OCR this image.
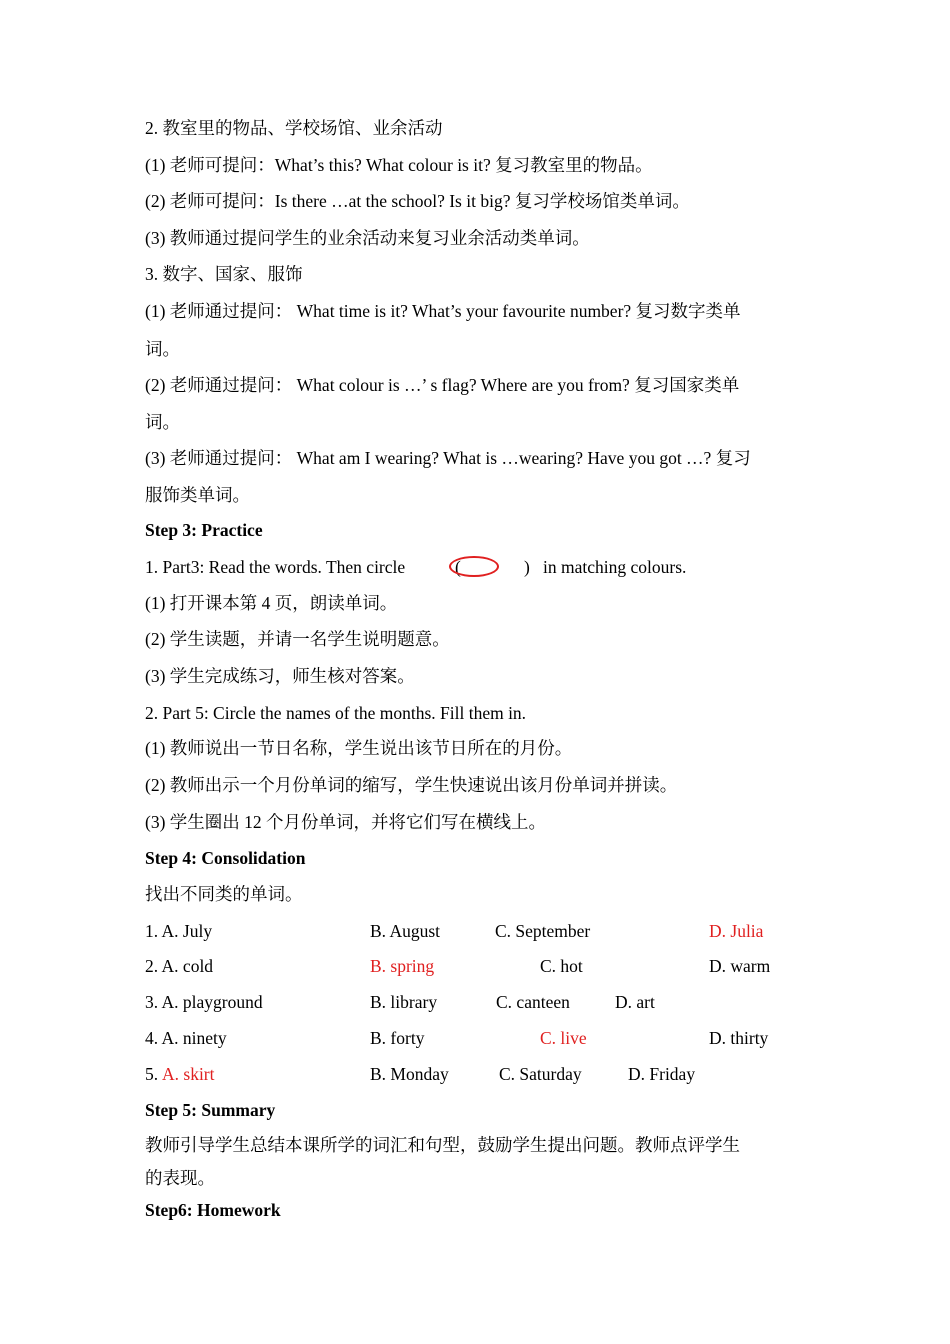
2. 教室里的物品、学校场馆、业余活动
(1) 老师可提问：What’s this? What colour is it? 复习教室里的物品。
(2) 老师可提问：Is there …at the school? Is it big? 复习学校场馆类单词。
(3) 教师通过提问学生的业余活动来复习业余活动类单词。
3. 数字、国家、服饰
(1) 老师通过提问： What time is it? What’s your favourite number? 复习数字类单
词。
(2) 老师通过提问： What colour is …’ s flag? Where are you from? 复习国家类单
词。
(3) 老师通过提问： What am I wearing? What is …wearing? Have you got …? 复习
服饰类单词。
Step 3: Practice
1. Part3: Read the words. Then circle	(	) in matching colours.
(1) 打开课本第 4 页，朗读单词。
(2) 学生读题，并请一名学生说明题意。
(3) 学生完成练习，师生核对答案。
2. Part 5: Circle the names of the months. Fill them in.
(1) 教师说出一节日名称，学生说出该节日所在的月份。
(2) 教师出示一个月份单词的缩写，学生快速说出该月份单词并拼读。
(3) 学生圈出 12 个月份单词，并将它们写在横线上。
Step 4: Consolidation
找出不同类的单词。
1. A. July	B. August	C. September	D. Julia
2. A. cold	B. spring	C. hot	D. warm
3. A. playground	B. library	C. canteen	D. art
4. A. ninety	B. forty	C. live	D. thirty
5. A. skirt	B. Monday	C. Saturday	D. Friday
Step 5: Summary
教师引导学生总结本课所学的词汇和句型，鼓励学生提出问题。教师点评学生
的表现。
Step6: Homework
